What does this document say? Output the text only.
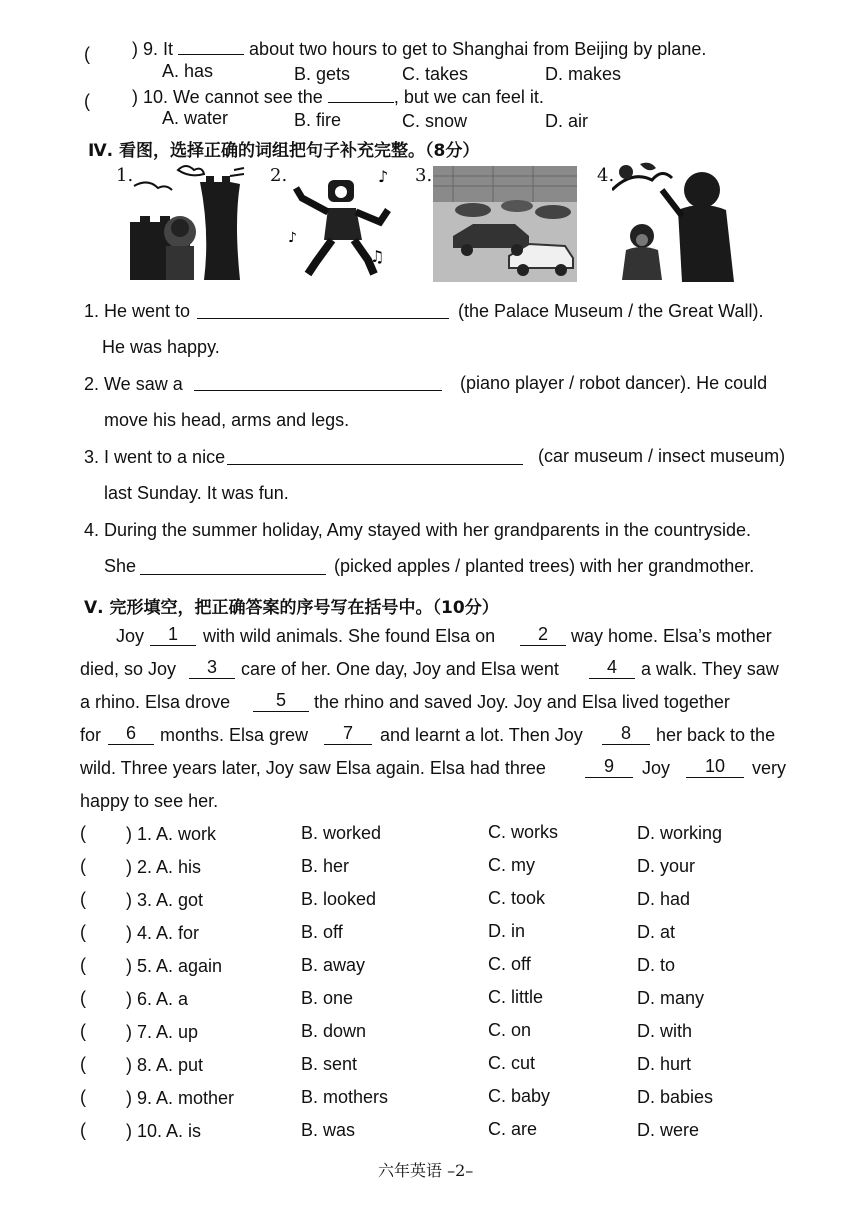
( ) 9. It	about two hours to get to Shanghai from Beijing by plane.
A. has	B. gets	C. takes	D. makes
( ) 10. We cannot see the	, but we can feel it.
A. water	B. fire	C. snow	D. air
Ⅳ. 看图，选择正确的词组把句子补充完整。（8分）
1.	2.	3.	4.
♪
♫
♪
1. He went to	(the Palace Museum / the Great Wall).
He was happy.
2. We saw a	(piano player / robot dancer). He could
move his head, arms and legs.
3. I went to a nice	(car museum / insect museum)
last Sunday. It was fun.
4. During the summer holiday, Amy stayed with her grandparents in the countryside.
She	(picked apples / planted trees) with her grandmother.
Ⅴ. 完形填空，把正确答案的序号写在括号中。（10分）
Joy	1	with wild animals. She found Elsa on	2	way home. Elsa’s mother
died, so Joy	3	care of her. One day, Joy and Elsa went	4	a walk. They saw
a rhino. Elsa drove	5	the rhino and saved Joy. Joy and Elsa lived together
for	6	months. Elsa grew	7	and learnt a lot. Then Joy	8	her back to the
wild. Three years later, Joy saw Elsa again. Elsa had three	9	Joy	10	very
happy to see her.
( ) 1. A. work	B. worked	C. works	D. working
( ) 2. A. his	B. her	C. my	D. your
( ) 3. A. got	B. looked	C. took	D. had
( ) 4. A. for	B. off	D. in	D. at
( ) 5. A. again	B. away	C. off	D. to
( ) 6. A. a	B. one	C. little	D. many
( ) 7. A. up	B. down	C. on	D. with
( ) 8. A. put	B. sent	C. cut	D. hurt
( ) 9. A. mother	B. mothers	C. baby	D. babies
( ) 10. A. is	B. was	C. are	D. were
六年英语 –2–
